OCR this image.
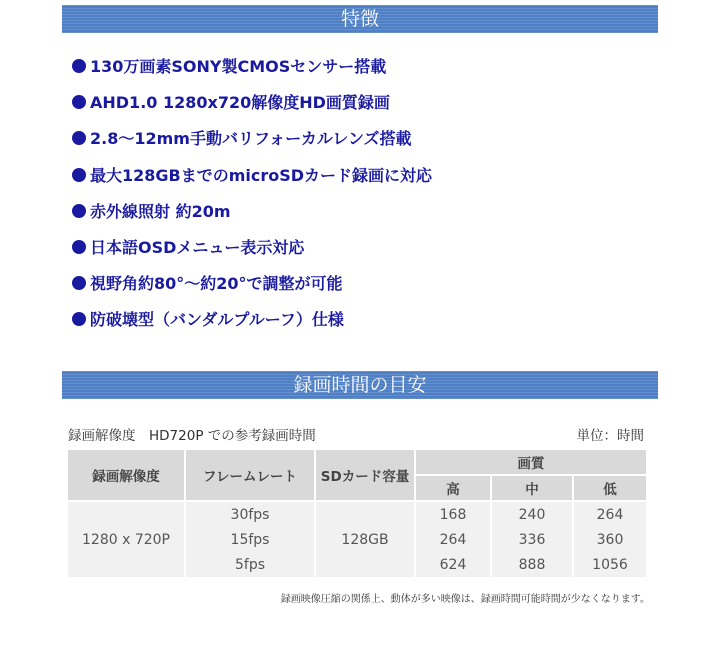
特徴
130万画素SONY製CMOSセンサー搭載
AHD1.0 1280x720解像度HD画質録画
2.8～12mm手動バリフォーカルレンズ搭載
最大128GBまでのmicroSDカード録画に対応
赤外線照射 約20m
日本語OSDメニュー表示対応
視野角約80°～約20°で調整が可能
防破壊型（バンダルプルーフ）仕様
録画時間の目安
録画解像度　HD720P での参考録画時間	単位：時間
録画解像度	フレームレート	SDカード容量	画質		
			高	中	低
1280 x 720P	30fps	128GB	168	240	264
	15fps		264	336	360
	5fps		624	888	1056
録画映像圧縮の関係上、動体が多い映像は、録画時間可能時間が少なくなります。
